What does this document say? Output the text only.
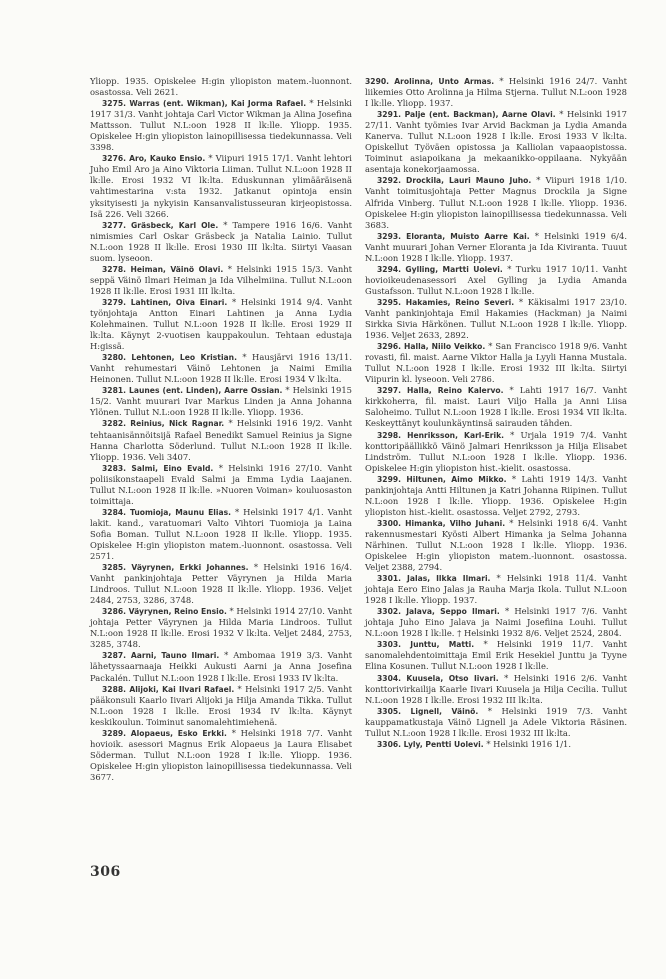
Yliopp. 1935. Opiskelee H:gin yliopiston matem.-luonnont. osastossa. Veli 2621.

3275. Warras (ent. Wikman), Kai Jorma Rafael. * Helsinki 1917 31/3. Vanht johtaja Carl Victor Wikman ja Alina Josefina Mattsson. Tullut N.L:oon 1928 II lk:lle. Yliopp. 1935. Opiskelee H:gin yliopiston lainopillisessa tiedekunnassa. Veli 3398.

3276. Aro, Kauko Ensio. * Viipuri 1915 17/1. Vanht lehtori Juho Emil Aro ja Aino Viktoria Liiman. Tullut N.L:oon 1928 II lk:lle. Erosi 1932 VI lk:lta. Eduskunnan ylimääräisenä vahtimestarina v:sta 1932. Jatkanut opintoja ensin yksityisesti ja nykyisin Kansanvalistusseuran kirjeopistossa. Isä 226. Veli 3266.

3277. Gräsbeck, Karl Ole. * Tampere 1916 16/6. Vanht nimismies Carl Oskar Gräsbeck ja Natalia Lainio. Tullut N.L:oon 1928 II lk:lle. Erosi 1930 III lk:lta. Siirtyi Vaasan suom. lyseoon.

3278. Heiman, Väinö Olavi. * Helsinki 1915 15/3. Vanht seppä Väinö Ilmari Heiman ja Ida Vilhelmiina. Tullut N.L:oon 1928 II lk:lle. Erosi 1931 III lk:lta.

3279. Lahtinen, Oiva Einari. * Helsinki 1914 9/4. Vanht työnjohtaja Antton Einari Lahtinen ja Anna Lydia Kolehmainen. Tullut N.L:oon 1928 II lk:lle. Erosi 1929 II lk:lta. Käynyt 2-vuotisen kauppakoulun. Tehtaan edustaja H:gissä.

3280. Lehtonen, Leo Kristian. * Hausjärvi 1916 13/11. Vanht rehumestari Väinö Lehtonen ja Naimi Emilia Heinonen. Tullut N.L:oon 1928 II lk:lle. Erosi 1934 V lk:lta.

3281. Launes (ent. Linden), Aarre Ossian. * Helsinki 1915 15/2. Vanht muurari Ivar Markus Linden ja Anna Johanna Ylönen. Tullut N.L:oon 1928 II lk:lle. Yliopp. 1936.

3282. Reinius, Nick Ragnar. * Helsinki 1916 19/2. Vanht tehtaanisännöitsijä Rafael Benedikt Samuel Reinius ja Signe Hanna Charlotta Söderlund. Tullut N.L:oon 1928 II lk:lle. Yliopp. 1936. Veli 3407.

3283. Salmi, Eino Evald. * Helsinki 1916 27/10. Vanht poliisikonstaapeli Evald Salmi ja Emma Lydia Laajanen. Tullut N.L:oon 1928 II lk:lle. »Nuoren Voiman» kouluosaston toimittaja.

3284. Tuomioja, Maunu Elias. * Helsinki 1917 4/1. Vanht lakit. kand., varatuomari Valto Vihtori Tuomioja ja Laina Sofia Boman. Tullut N.L:oon 1928 II lk:lle. Yliopp. 1935. Opiskelee H:gin yliopiston matem.-luonnont. osastossa. Veli 2571.

3285. Väyrynen, Erkki Johannes. * Helsinki 1916 16/4. Vanht pankinjohtaja Petter Väyrynen ja Hilda Maria Lindroos. Tullut N.L:oon 1928 II lk:lle. Yliopp. 1936. Veljet 2484, 2753, 3286, 3748.

3286. Väyrynen, Reino Ensio. * Helsinki 1914 27/10. Vanht johtaja Petter Väyrynen ja Hilda Maria Lindroos. Tullut N.L:oon 1928 II lk:lle. Erosi 1932 V lk:lta. Veljet 2484, 2753, 3285, 3748.

3287. Aarni, Tauno Ilmari. * Ambomaa 1919 3/3. Vanht lähetyssaarnaaja Heikki Aukusti Aarni ja Anna Josefina Packalén. Tullut N.L:oon 1928 I lk:lle. Erosi 1933 IV lk:lta.

3288. Alijoki, Kai Ilvari Rafael. * Helsinki 1917 2/5. Vanht pääkonsuli Kaarlo Iivari Alijoki ja Hilja Amanda Tikka. Tullut N.L:oon 1928 I lk:lle. Erosi 1934 IV lk:lta. Käynyt keskikoulun. Toiminut sanomalehtimiehenä.

3289. Alopaeus, Esko Erkki. * Helsinki 1918 7/7. Vanht hovioik. asessori Magnus Erik Alopaeus ja Laura Elisabet Söderman. Tullut N.L:oon 1928 I lk:lle. Yliopp. 1936. Opiskelee H:gin yliopiston lainopillisessa tiedekunnassa. Veli 3677.

3290. Arolinna, Unto Armas. * Helsinki 1916 24/7. Vanht liikemies Otto Arolinna ja Hilma Stjerna. Tullut N.L:oon 1928 I lk:lle. Yliopp. 1937.

3291. Palje (ent. Backman), Aarne Olavi. * Helsinki 1917 27/11. Vanht työmies Ivar Arvid Backman ja Lydia Amanda Kanerva. Tullut N.L:oon 1928 I lk:lle. Erosi 1933 V lk:lta. Opiskellut Työväen opistossa ja Kalliolan vapaaopistossa. Toiminut asiapoikana ja mekaanikko-oppilaana. Nykyään asentaja konekorjaamossa.

3292. Drockila, Lauri Mauno Juho. * Viipuri 1918 1/10. Vanht toimitusjohtaja Petter Magnus Drockila ja Signe Alfrida Vinberg. Tullut N.L:oon 1928 I lk:lle. Yliopp. 1936. Opiskelee H:gin yliopiston lainopillisessa tiedekunnassa. Veli 3683.

3293. Eloranta, Muisto Aarre Kai. * Helsinki 1919 6/4. Vanht muurari Johan Verner Eloranta ja Ida Kiviranta. Tuuut N.L:oon 1928 I lk:lle. Yliopp. 1937.

3294. Gylling, Martti Uolevi. * Turku 1917 10/11. Vanht hovioikeudenasessori Axel Gylling ja Lydia Amanda Gustafsson. Tullut N.L:oon 1928 I lk:lle.

3295. Hakamies, Reino Severi. * Käkisalmi 1917 23/10. Vanht pankinjohtaja Emil Hakamies (Hackman) ja Naimi Sirkka Sivia Härkönen. Tullut N.L:oon 1928 I lk:lle. Yliopp. 1936. Veljet 2633, 2892.

3296. Halla, Niilo Veikko. * San Francisco 1918 9/6. Vanht rovasti, fil. maist. Aarne Viktor Halla ja Lyyli Hanna Mustala. Tullut N.L:oon 1928 I lk:lle. Erosi 1932 III lk:lta. Siirtyi Viipurin kl. lyseoon. Veli 2786.

3297. Halla, Reino Kalervo. * Lahti 1917 16/7. Vanht kirkkoherra, fil. maist. Lauri Viljo Halla ja Anni Liisa Saloheimo. Tullut N.L:oon 1928 I lk:lle. Erosi 1934 VII lk:lta. Keskeyttänyt koulunkäyntinsä sairauden tähden.

3298. Henriksson, Karl-Erik. * Urjala 1919 7/4. Vanht konttoripäällikkö Väinö Jalmari Henriksson ja Hilja Elisabet Lindström. Tullut N.L:oon 1928 I lk:lle. Yliopp. 1936. Opiskelee H:gin yliopiston hist.-kielit. osastossa.

3299. Hiltunen, Aimo Mikko. * Lahti 1919 14/3. Vanht pankinjohtaja Antti Hiltunen ja Katri Johanna Riipinen. Tullut N.L:oon 1928 I lk:lle. Yliopp. 1936. Opiskelee H:gin yliopiston hist.-kielit. osastossa. Veljet 2792, 2793.

3300. Himanka, Vilho Juhani. * Helsinki 1918 6/4. Vanht rakennusmestari Kyösti Albert Himanka ja Selma Johanna Närhinen. Tullut N.L:oon 1928 I lk:lle. Yliopp. 1936. Opiskelee H:gin yliopiston matem.-luonnont. osastossa. Veljet 2388, 2794.

3301. Jalas, Ilkka Ilmari. * Helsinki 1918 11/4. Vanht johtaja Eero Eino Jalas ja Rauha Marja Ikola. Tullut N.L:oon 1928 I lk:lle. Yliopp. 1937.

3302. Jalava, Seppo Ilmari. * Helsinki 1917 7/6. Vanht johtaja Juho Eino Jalava ja Naimi Josefiina Louhi. Tullut N.L:oon 1928 I lk:lle. † Helsinki 1932 8/6. Veljet 2524, 2804.

3303. Junttu, Matti. * Helsinki 1919 11/7. Vanht sanomalehdentoimittaja Emil Erik Hesekiel Junttu ja Tyyne Elina Kosunen. Tullut N.L:oon 1928 I lk:lle.

3304. Kuusela, Otso Iivari. * Helsinki 1916 2/6. Vanht konttorivirkailija Kaarle Iivari Kuusela ja Hilja Cecilia. Tullut N.L:oon 1928 I lk:lle. Erosi 1932 III lk:lta.

3305. Lignell, Väinö. * Helsinki 1919 7/3. Vanht kauppamatkustaja Väinö Lignell ja Adele Viktoria Räsinen. Tullut N.L:oon 1928 I lk:lle. Erosi 1932 III lk:lta.

3306. Lyly, Pentti Uolevi. * Helsinki 1916 1/1.

306
